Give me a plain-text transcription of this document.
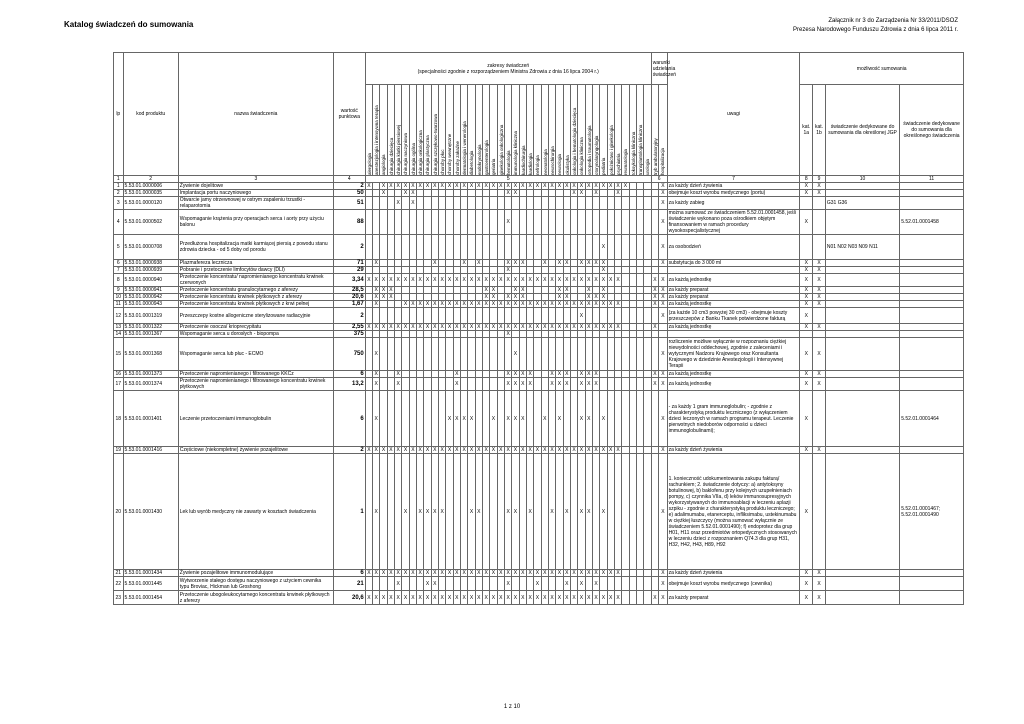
Katalog świadczeń do sumowania	Załącznik nr 3 do Zarządzenia Nr 33/2011/DSOZ
Prezesa Narodowego Funduszu Zdrowia z dnia 6 lipca 2011 r.
lp	kod produktu	nazwa świadczenia	wartość punktowa	zakresy świadczeń
(specjalności zgodnie z rozporządzeniem Ministra Zdrowia z dnia 16 lipca 2004 r.)																																							warunki udzielania świadczeń		uwagi	możliwość sumowania			

				alergologia	anestezjologia i intensywna terapia	angiologia	chirurgia dziecięca	chirurgia klatki piersiowej	chirurgia naczyniowa	chirurgia ogólna	chirurgia onkologiczna	chirurgia plastyczna	chirurgia szczękowo-twarzowa	choroby płuc	choroby wewnętrzne	choroby zakaźne	dermatologia i wenerologia	diabetologia	endokrynologia	gastroenterologia	geriatria	ginekologia onkologiczna	hematologia	immunologia kliniczna	kardiochirurgia	kardiologia	nefrologia	neonatologia	neurochirurgia	neurologia	okulistyka	onkologia i hematologia dziecięca	onkologia kliniczna	ortopedia i traumatologia	otorynolaryngologia	pediatria	położnictwo i ginekologia	psychiatria	reumatologia	toksykologia kliniczna	transplantologia kliniczna	urologia	tryb ambulatoryjny	hospitalizacja		kat. 1a	kat. 1b	świadczenie dedykowane do sumowania dla określonej JGP	świadczenie dedykowane do sumowania dla określonego świadczenia
1	2	3	4	5																																							6		7	8	9	10	11
1	5.53.01.0000006	Żywienie dojelitowe	2	X		X	X	X	X	X	X	X	X	X	X	X	X	X	X	X	X	X	X	X	X	X	X	X	X	X	X	X	X	X	X	X	X	X	X					X	za każdy dzień żywienia	X	X		
2	5.53.01.0000035	Implantacja portu naczyniowego	50			X			X	X													X	X								X	X		X			X						X	obejmuje koszt wyrobu medycznego (portu)	X	X		
3	5.53.01.0000120	Otwarcie jamy otrzewnowej w ostrym zapaleniu trzustki - relaparotomia	51					X		X																																		X	za każdy zabieg			G31 G36	
4	5.53.01.0000502	Wspomaganie krążenia przy operacjach serca i aorty przy użyciu balonu	88																				X																					X	można sumować ze świadczeniem 5.52.01.0001458, jeśli świadczenie wykonano poza ośrodkiem objętym finansowaniem w ramach procedury wysokospecjalistycznej	X			5.52.01.0001458
5	5.53.01.0000708	Przedłużona hospitalizacja matki karmiącej piersią z powodu stanu zdrowia dziecka - od 5 doby od porodu	2																																	X								X	za osobodzień			N01 N02 N03 N09 N11	
6	5.53.01.0000938	Plazmafereza lecznicza	71		X								X				X		X				X	X	X			X		X	X		X	X	X	X								X	substytucja do 3 000 ml	X	X		
7	5.53.01.0000939	Pobranie i przetoczenie limfocytów dawcy (DLI)	29																				X													X										X	X		
8	5.53.01.0000940	Przetoczenie koncentratu/ napromienianego koncentratu krwinek czerwonych	3,34	X	X	X	X	X	X	X	X	X	X	X	X	X	X	X	X	X	X	X	X	X	X	X	X	X	X	X	X	X	X	X	X	X	X	X					X	X	za każdą jednostkę	X	X		
9	5.53.01.0000941	Przetoczenie koncentratu granulocytarnego z aferezy	28,5		X	X	X													X	X			X	X					X	X			X		X							X	X	za każdy preparat	X	X		
10	5.53.01.0000942	Przetoczenie koncentratu krwinek płytkowych z aferezy	20,6		X	X	X													X	X		X	X	X					X	X			X	X	X							X	X	za każdy preparat	X	X		
11	5.53.01.0000943	Przetoczenie koncentratu krwinek płytkowych z krwi pełnej	1,67		X				X	X	X	X	X	X	X	X	X	X	X	X	X	X	X	X	X	X	X	X	X	X	X	X	X	X	X	X	X	X					X	X	za każdą jednostkę	X	X		
12	5.53.01.0001319	Przeszczepy kostne allogeniczne sterylizowane radiacyjnie	2																														X											X	(za każde 10 cm3 powyżej 30 cm3) - obejmuje koszty przeszczepów z Banku Tkanek potwierdzone fakturą	X			
13	5.53.01.0001322	Przetoczenie osocza/ krioprecypitatu	2,55	X	X	X	X	X	X	X	X	X	X	X	X	X	X	X	X	X	X	X	X	X	X	X	X	X	X	X	X	X	X	X	X	X	X	X					X		za każdą jednostkę	X	X		
14	5.53.01.0001367	Wspomaganie serca u dorosłych - biopompa	375																				X																										
15	5.53.01.0001368	Wspomaganie serca lub płuc - ECMO	750		X																			X																				X	rozliczenie możliwe wyłącznie w rozpoznaniu ciężkiej niewydolności oddechowej, zgodnie z zaleceniami i wytycznymi Nadzoru Krajowego oraz Konsultanta Krajowego w dziedzinie Anestezjologii i Intensywnej Terapii	X	X		
16	5.53.01.0001373	Przetoczenie napromienianego i filtrowanego KKCz	6		X			X								X							X	X	X	X			X	X	X		X	X	X								X	X	za każdą jednostkę	X	X		
17	5.53.01.0001374	Przetoczenie napromienianego i filtrowanego koncentratu krwinek płytkowych	13,2		X			X								X							X	X	X	X			X	X	X		X	X	X								X	X	za każdą jednostkę	X	X		
18	5.53.01.0001401	Leczenie przetoczeniami immunoglobulin	6		X										X	X	X	X			X		X	X	X			X		X			X	X		X								X	- za każdy 1 gram immunoglobulin; - zgodnie z charakterystyką produktu leczniczego (z wyłączeniem dzieci leczonych w ramach programu terapeut. Leczenie pierwotnych niedoborów odporności u dzieci immunoglobulinami);	X			5.52.01.0001464
19	5.53.01.0001416	Częściowe (niekompletne) żywienie pozajelitowe	2	X	X	X	X	X	X	X	X	X	X	X	X	X	X	X	X	X	X	X	X	X	X	X	X	X	X	X	X	X	X	X	X	X	X	X						X	za każdy dzień żywienia	X	X		
20	5.53.01.0001430	Lek lub wyrób medyczny nie zawarty w kosztach świadczenia	1		X				X		X	X	X	X				X	X				X	X		X			X		X		X	X		X								X	1. konieczność udokumentowania zakupu fakturą/ rachunkiem; 2. świadczenie dotyczy: a) antytoksyny botulinowej, b) baklofenu przy kolejnych uzupełnieniach pompy, c) czynnika VIIa, d) leków immunosupresyjnych wykorzystywanych do immunoablacji w leczeniu aplazji szpiku - zgodnie z charakterystyką produktu leczniczego; e) adalimumabu, etanerceptu, infliksimabu, ustekinumabu w ciężkiej łuszczycy (można sumować wyłącznie ze świadczeniem 5.52.01.0001490); f) endoprotez dla grup H01, H11 oraz przedmiotów ortopedycznych stosowanych w leczeniu dzieci z rozpoznaniem Q74.3 dla grup H31, H32, H42, H43, H89, H92	X			5.52.01.0001467; 5.52.01.0001490
21	5.53.01.0001434	Żywienie pozajelitowe immunomodulujące	6	X	X	X	X	X	X	X	X	X	X	X	X	X	X	X	X	X	X	X	X	X	X	X	X	X	X	X	X	X	X	X	X	X	X	X						X	za każdy dzień żywienia	X	X		
22	5.53.01.0001445	Wytworzenie stałego dostępu naczyniowego z użyciem cewnika typu Broviac, Hickman lub Groshong	21					X				X	X										X				X				X		X		X									X	obejmuje koszt wyrobu medycznego (cewnika)	X	X		
23	5.53.01.0001454	Przetoczenie ubogoleukocytarnego koncentratu krwinek płytkowych z aferezy	20,6	X	X	X	X	X	X	X	X	X	X	X	X	X	X	X	X	X	X	X	X	X	X	X	X	X	X	X	X	X	X	X	X	X	X	X					X	X	za każdy preparat	X	X		
1 z 10
